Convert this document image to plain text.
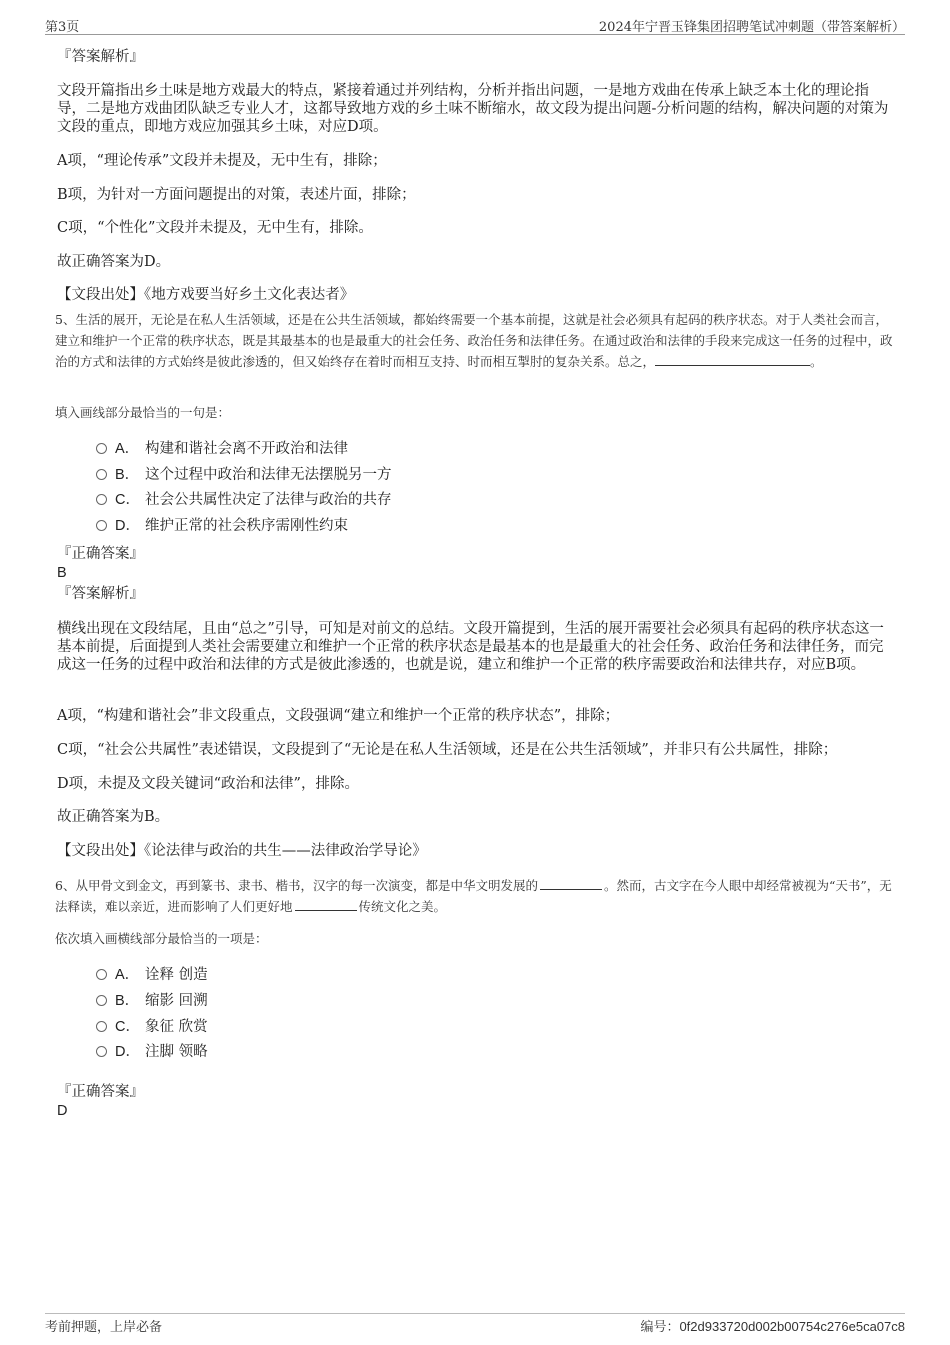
第3页	2024年宁晋玉锋集团招聘笔试冲刺题（带答案解析）
『答案解析』
文段开篇指出乡土味是地方戏最大的特点，紧接着通过并列结构，分析并指出问题，一是地方戏曲在传承上缺乏本土化的理论指导，二是地方戏曲团队缺乏专业人才，这都导致地方戏的乡土味不断缩水，故文段为提出问题-分析问题的结构，解决问题的对策为文段的重点，即地方戏应加强其乡土味，对应D项。
A项，“理论传承”文段并未提及，无中生有，排除；
B项，为针对一方面问题提出的对策，表述片面，排除；
C项，“个性化”文段并未提及，无中生有，排除。
故正确答案为D。
【文段出处】《地方戏要当好乡土文化表达者》
5、生活的展开，无论是在私人生活领域，还是在公共生活领域，都始终需要一个基本前提，这就是社会必须具有起码的秩序状态。对于人类社会而言，建立和维护一个正常的秩序状态，既是其最基本的也是最重大的社会任务、政治任务和法律任务。在通过政治和法律的手段来完成这一任务的过程中，政治的方式和法律的方式始终是彼此渗透的，但又始终存在着时而相互支持、时而相互掣肘的复杂关系。总之，	。
填入画线部分最恰当的一句是：
A． 构建和谐社会离不开政治和法律
B． 这个过程中政治和法律无法摆脱另一方
C． 社会公共属性决定了法律与政治的共存
D． 维护正常的社会秩序需刚性约束
『正确答案』
B
『答案解析』
横线出现在文段结尾，且由“总之”引导，可知是对前文的总结。文段开篇提到，生活的展开需要社会必须具有起码的秩序状态这一基本前提，后面提到人类社会需要建立和维护一个正常的秩序状态是最基本的也是最重大的社会任务、政治任务和法律任务，而完成这一任务的过程中政治和法律的方式是彼此渗透的，也就是说，建立和维护一个正常的秩序需要政治和法律共存，对应B项。
A项，“构建和谐社会”非文段重点，文段强调“建立和维护一个正常的秩序状态”，排除；
C项，“社会公共属性”表述错误，文段提到了“无论是在私人生活领域，还是在公共生活领域”，并非只有公共属性，排除；
D项，未提及文段关键词“政治和法律”，排除。
故正确答案为B。
【文段出处】《论法律与政治的共生——法律政治学导论》
6、从甲骨文到金文，再到篆书、隶书、楷书，汉字的每一次演变，都是中华文明发展的	。然而，古文字在今人眼中却经常被视为“天书”，无法释读，难以亲近，进而影响了人们更好地	传统文化之美。
依次填入画横线部分最恰当的一项是：
A． 诠释 创造
B． 缩影 回溯
C． 象征 欣赏
D． 注脚 领略
『正确答案』
D
考前押题，上岸必备	编号：0f2d933720d002b00754c276e5ca07c8
